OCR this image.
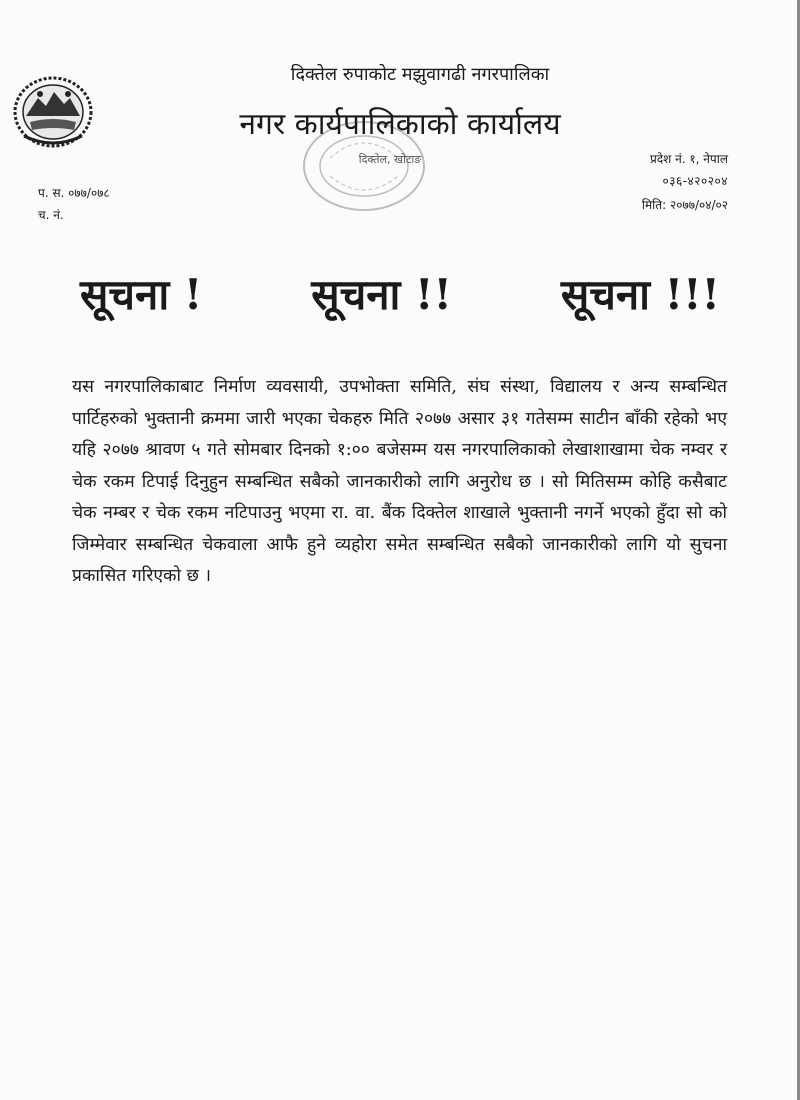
दिक्तेल रुपाकोट मझुवागढी नगरपालिका
नगर कार्यपालिकाको कार्यालय
दिक्तेल, खोटाङ
प. स. ०७७/०७८
च. नं.
प्रदेश नं. १, नेपाल
०३६-४२०२०४
मिति: २०७७/०४/०२
सूचना !	सूचना !!	सूचना !!!
यस नगरपालिकाबाट निर्माण व्यवसायी, उपभोक्ता समिति, संघ संस्था, विद्यालय र अन्य सम्बन्धित पार्टिहरुको भुक्तानी क्रममा जारी भएका चेकहरु मिति २०७७ असार ३१ गतेसम्म साटीन बाँकी रहेको भए यहि २०७७ श्रावण ५ गते सोमबार दिनको १:०० बजेसम्म यस नगरपालिकाको लेखाशाखामा चेक नम्वर र चेक रकम टिपाई दिनुहुन सम्बन्धित सबैको जानकारीको लागि अनुरोध छ । सो मितिसम्म कोहि कसैबाट चेक नम्बर र चेक रकम नटिपाउनु भएमा रा. वा. बैंक दिक्तेल शाखाले भुक्तानी नगर्ने भएको हुँदा सो को जिम्मेवार सम्बन्धित चेकवाला आफै हुने व्यहोरा समेत सम्बन्धित सबैको जानकारीको लागि यो सुचना प्रकासित गरिएको छ ।
